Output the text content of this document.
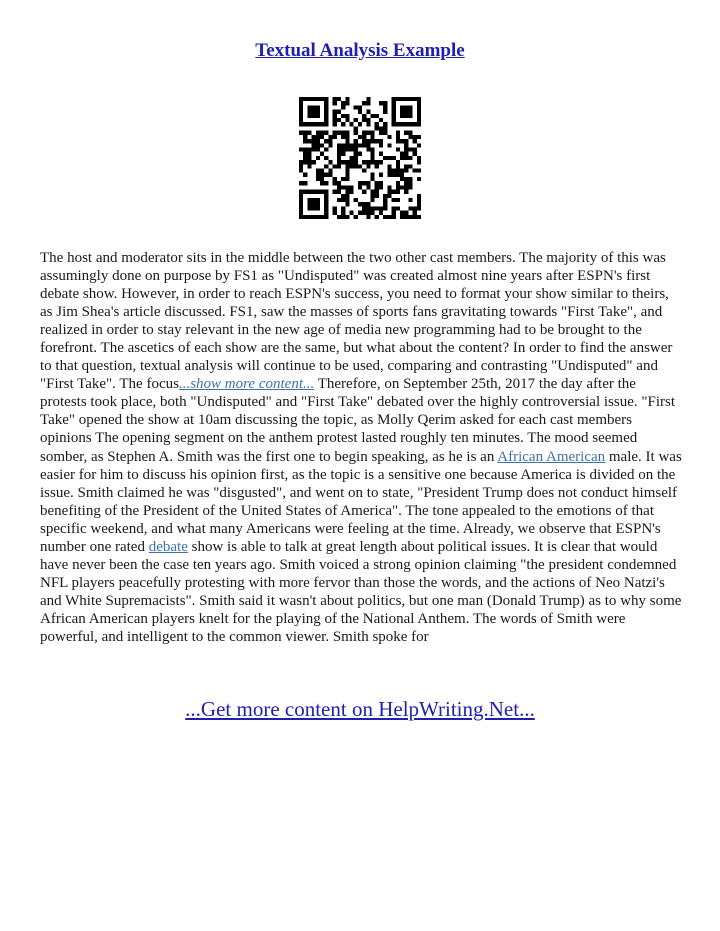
Textual Analysis Example

The host and moderator sits in the middle between the two other cast members. The majority of this was assumingly done on purpose by FS1 as "Undisputed" was created almost nine years after ESPN's first debate show. However, in order to reach ESPN's success, you need to format your show similar to theirs, as Jim Shea's article discussed. FS1, saw the masses of sports fans gravitating towards "First Take", and realized in order to stay relevant in the new age of media new programming had to be brought to the forefront. The ascetics of each show are the same, but what about the content? In order to find the answer to that question, textual analysis will continue to be used, comparing and contrasting "Undisputed" and "First Take". The focus...show more content... Therefore, on September 25th, 2017 the day after the protests took place, both "Undisputed" and "First Take" debated over the highly controversial issue. "First Take" opened the show at 10am discussing the topic, as Molly Qerim asked for each cast members opinions The opening segment on the anthem protest lasted roughly ten minutes. The mood seemed somber, as Stephen A. Smith was the first one to begin speaking, as he is an African American male. It was easier for him to discuss his opinion first, as the topic is a sensitive one because America is divided on the issue. Smith claimed he was "disgusted", and went on to state, "President Trump does not conduct himself benefiting of the President of the United States of America". The tone appealed to the emotions of that specific weekend, and what many Americans were feeling at the time. Already, we observe that ESPN's number one rated debate show is able to talk at great length about political issues. It is clear that would have never been the case ten years ago. Smith voiced a strong opinion claiming "the president condemned NFL players peacefully protesting with more fervor than those the words, and the actions of Neo Natzi's and White Supremacists". Smith said it wasn't about politics, but one man (Donald Trump) as to why some African American players knelt for the playing of the National Anthem. The words of Smith were powerful, and intelligent to the common viewer. Smith spoke for

...Get more content on HelpWriting.Net...
